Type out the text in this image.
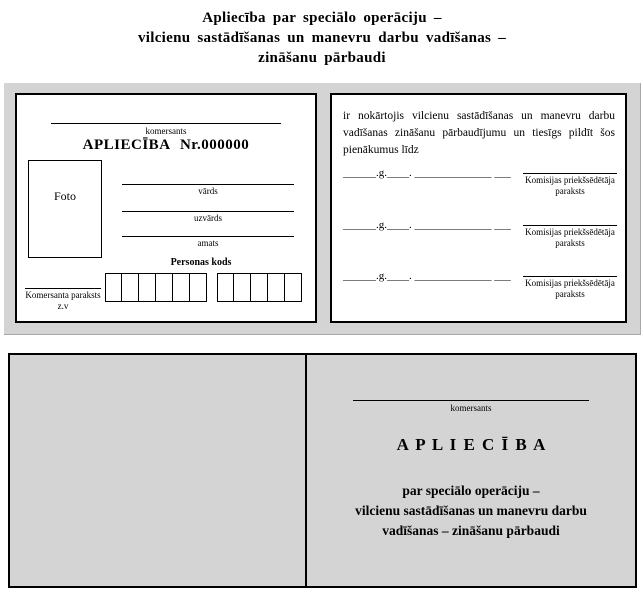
Apliecība par speciālo operāciju –
vilcienu sastādīšanas un manevru darbu vadīšanas –
zināšanu pārbaudi
komersants
APLIECĪBA Nr.000000
Foto	vārds
uzvārds
amats
Personas kods
Komersanta paraksts
z.v
ir nokārtojis vilcienu sastādīšanas un manevru darbu vadīšanas zināšanu pārbaudījumu un tiesīgs pildīt šos pienākumus līdz
______.g.____. ______________ ___
Komisijas priekšsēdētāja
paraksts
______.g.____. ______________ ___
Komisijas priekšsēdētāja
paraksts
______.g.____. ______________ ___
Komisijas priekšsēdētāja
paraksts
komersants
A P L I E C Ī B A
par speciālo operāciju –
vilcienu sastādīšanas un manevru darbu
vadīšanas – zināšanu pārbaudi
